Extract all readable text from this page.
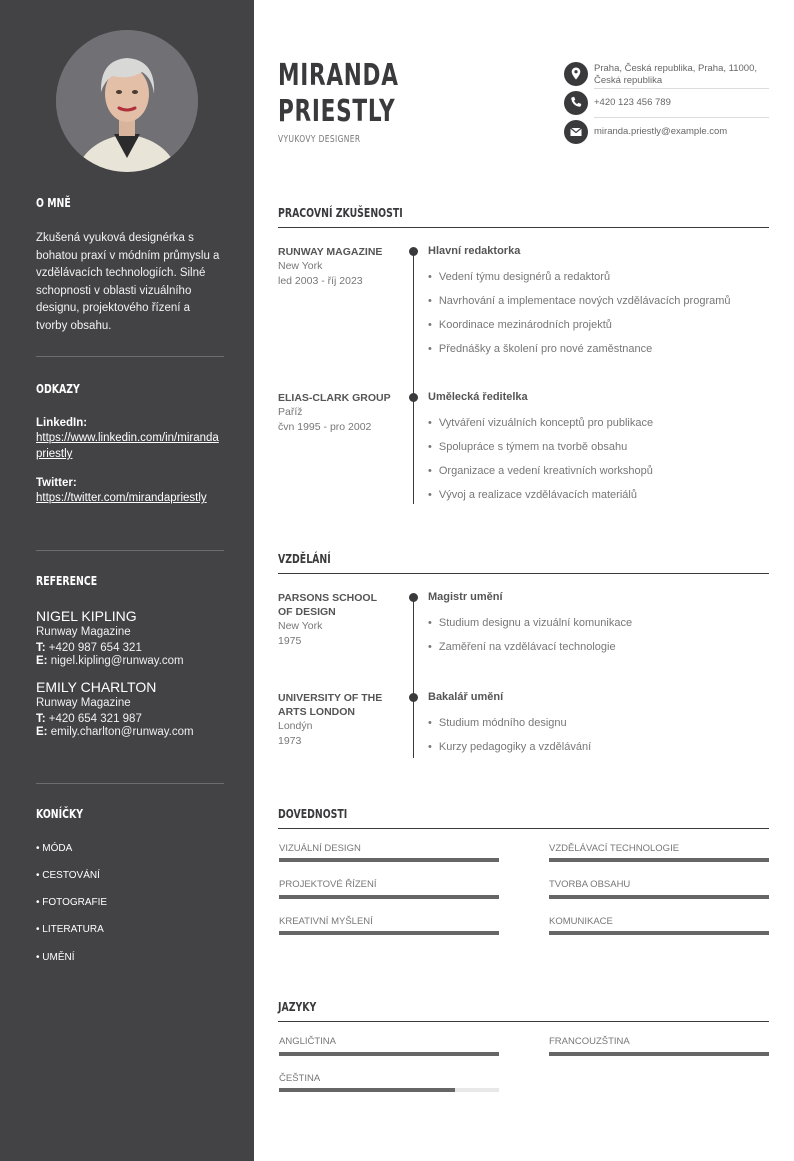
O MNĚ
Zkušená vyuková designérka s bohatou praxí v módním průmyslu a vzdělávacích technologiích. Silné schopnosti v oblasti vizuálního designu, projektového řízení a tvorby obsahu.
ODKAZY
LinkedIn:
https://www.linkedin.com/in/mirandapriestly
Twitter:
https://twitter.com/mirandapriestly
REFERENCE
NIGEL KIPLING
Runway Magazine
T: +420 987 654 321
E: nigel.kipling@runway.com
EMILY CHARLTON
Runway Magazine
T: +420 654 321 987
E: emily.charlton@runway.com
KONÍČKY
• MÓDA
• CESTOVÁNÍ
• FOTOGRAFIE
• LITERATURA
• UMĚNÍ
MIRANDA
PRIESTLY
VYUKOVY DESIGNER
Praha, Česká republika, Praha, 11000, Česká republika
+420 123 456 789
miranda.priestly@example.com
PRACOVNÍ ZKUŠENOSTI
RUNWAY MAGAZINE
New York
led 2003 - říj 2023
Hlavní redaktorka
• Vedení týmu designérů a redaktorů
• Navrhování a implementace nových vzdělávacích programů
• Koordinace mezinárodních projektů
• Přednášky a školení pro nové zaměstnance
ELIAS-CLARK GROUP
Paříž
čvn 1995 - pro 2002
Umělecká ředitelka
• Vytváření vizuálních konceptů pro publikace
• Spolupráce s týmem na tvorbě obsahu
• Organizace a vedení kreativních workshopů
• Vývoj a realizace vzdělávacích materiálů
VZDĚLÁNÍ
PARSONS SCHOOL
OF DESIGN
New York
1975
Magistr umění
• Studium designu a vizuální komunikace
• Zaměření na vzdělávací technologie
UNIVERSITY OF THE
ARTS LONDON
Londýn
1973
Bakalář umění
• Studium módního designu
• Kurzy pedagogiky a vzdělávání
DOVEDNOSTI
VIZUÁLNÍ DESIGN	VZDĚLÁVACÍ TECHNOLOGIE
PROJEKTOVÉ ŘÍZENÍ	TVORBA OBSAHU
KREATIVNÍ MYŠLENÍ	KOMUNIKACE
JAZYKY
ANGLIČTINA	FRANCOUZŠTINA
ČEŠTINA
